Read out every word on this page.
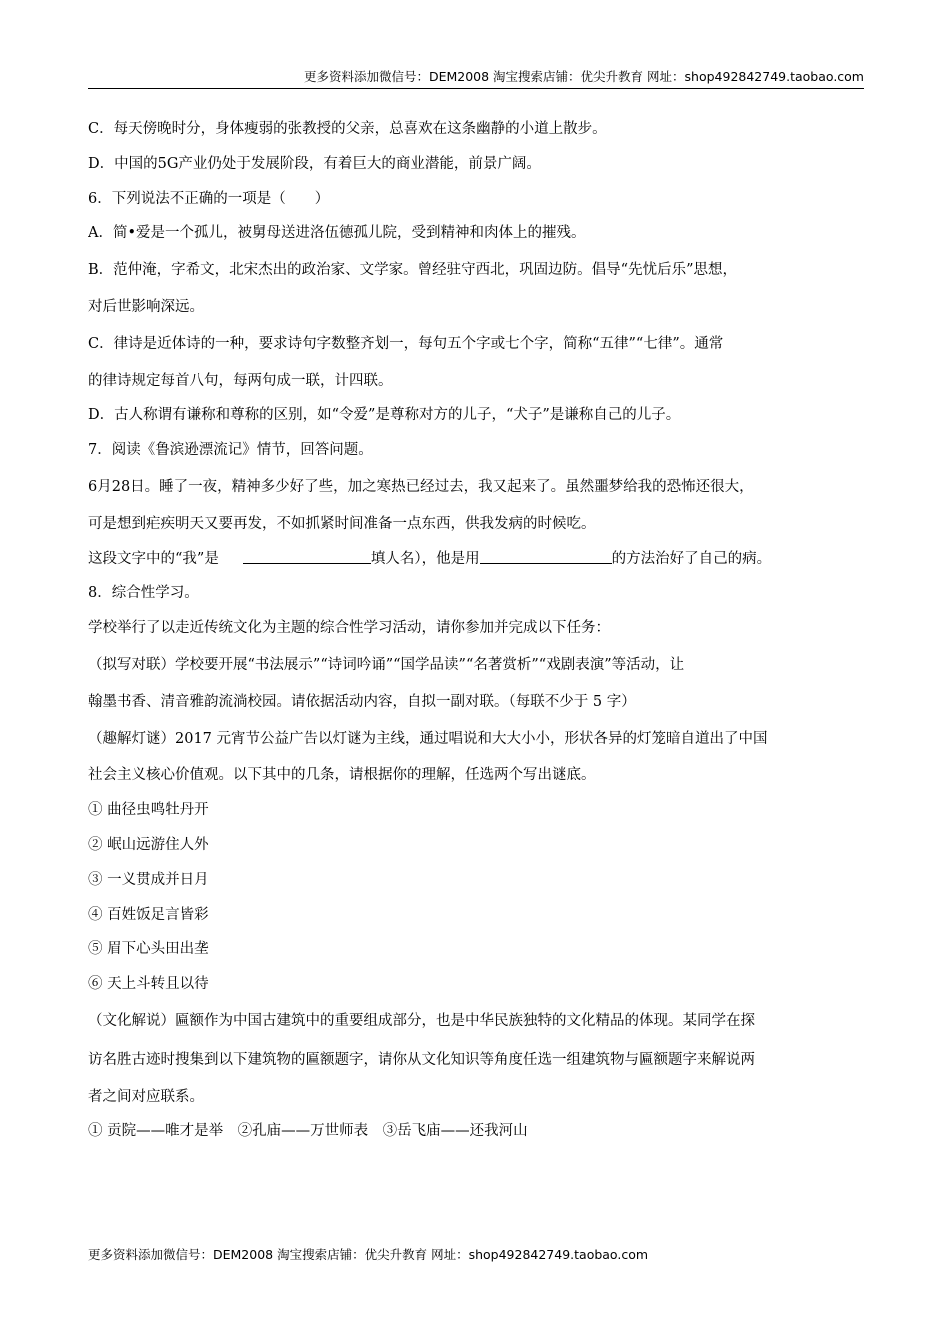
更多资料添加微信号：DEM2008 淘宝搜索店铺：优尖升教育 网址：shop492842749.taobao.com
C．每天傍晚时分，身体瘦弱的张教授的父亲，总喜欢在这条幽静的小道上散步。
D．中国的5G产业仍处于发展阶段，有着巨大的商业潜能，前景广阔。
6．下列说法不正确的一项是（　　）
A．简•爱是一个孤儿，被舅母送进洛伍德孤儿院，受到精神和肉体上的摧残。
B．范仲淹，字希文，北宋杰出的政治家、文学家。曾经驻守西北，巩固边防。倡导“先忧后乐”思想，
对后世影响深远。
C．律诗是近体诗的一种，要求诗句字数整齐划一，每句五个字或七个字，简称“五律”“七律”。通常
的律诗规定每首八句，每两句成一联，计四联。
D．古人称谓有谦称和尊称的区别，如“令爱”是尊称对方的儿子，“犬子”是谦称自己的儿子。
7．阅读《鲁滨逊漂流记》情节，回答问题。
6月28日。睡了一夜，精神多少好了些，加之寒热已经过去，我又起来了。虽然噩梦给我的恐怖还很大，
可是想到疟疾明天又要再发，不如抓紧时间准备一点东西，供我发病的时候吃。
这段文字中的“我”是	填人名），他是用	的方法治好了自己的病。
8．综合性学习。
学校举行了以走近传统文化为主题的综合性学习活动，请你参加并完成以下任务：
（拟写对联）学校要开展“书法展示”“诗词吟诵”“国学品读”“名著赏析”“戏剧表演”等活动，让
翰墨书香、清音雅韵流淌校园。请依据活动内容，自拟一副对联。（每联不少于 5 字）
（趣解灯谜）2017 元宵节公益广告以灯谜为主线，通过唱说和大大小小，形状各异的灯笼暗自道出了中国
社会主义核心价值观。以下其中的几条，请根据你的理解，任选两个写出谜底。
① 曲径虫鸣牡丹开
② 岷山远游住人外
③ 一义贯成并日月
④ 百姓饭足言皆彩
⑤ 眉下心头田出垄
⑥ 天上斗转且以待
（文化解说）匾额作为中国古建筑中的重要组成部分，也是中华民族独特的文化精品的体现。某同学在探
访名胜古迹时搜集到以下建筑物的匾额题字，请你从文化知识等角度任选一组建筑物与匾额题字来解说两
者之间对应联系。
① 贡院——唯才是举　②孔庙——万世师表　③岳飞庙——还我河山
更多资料添加微信号：DEM2008 淘宝搜索店铺：优尖升教育 网址：shop492842749.taobao.com
